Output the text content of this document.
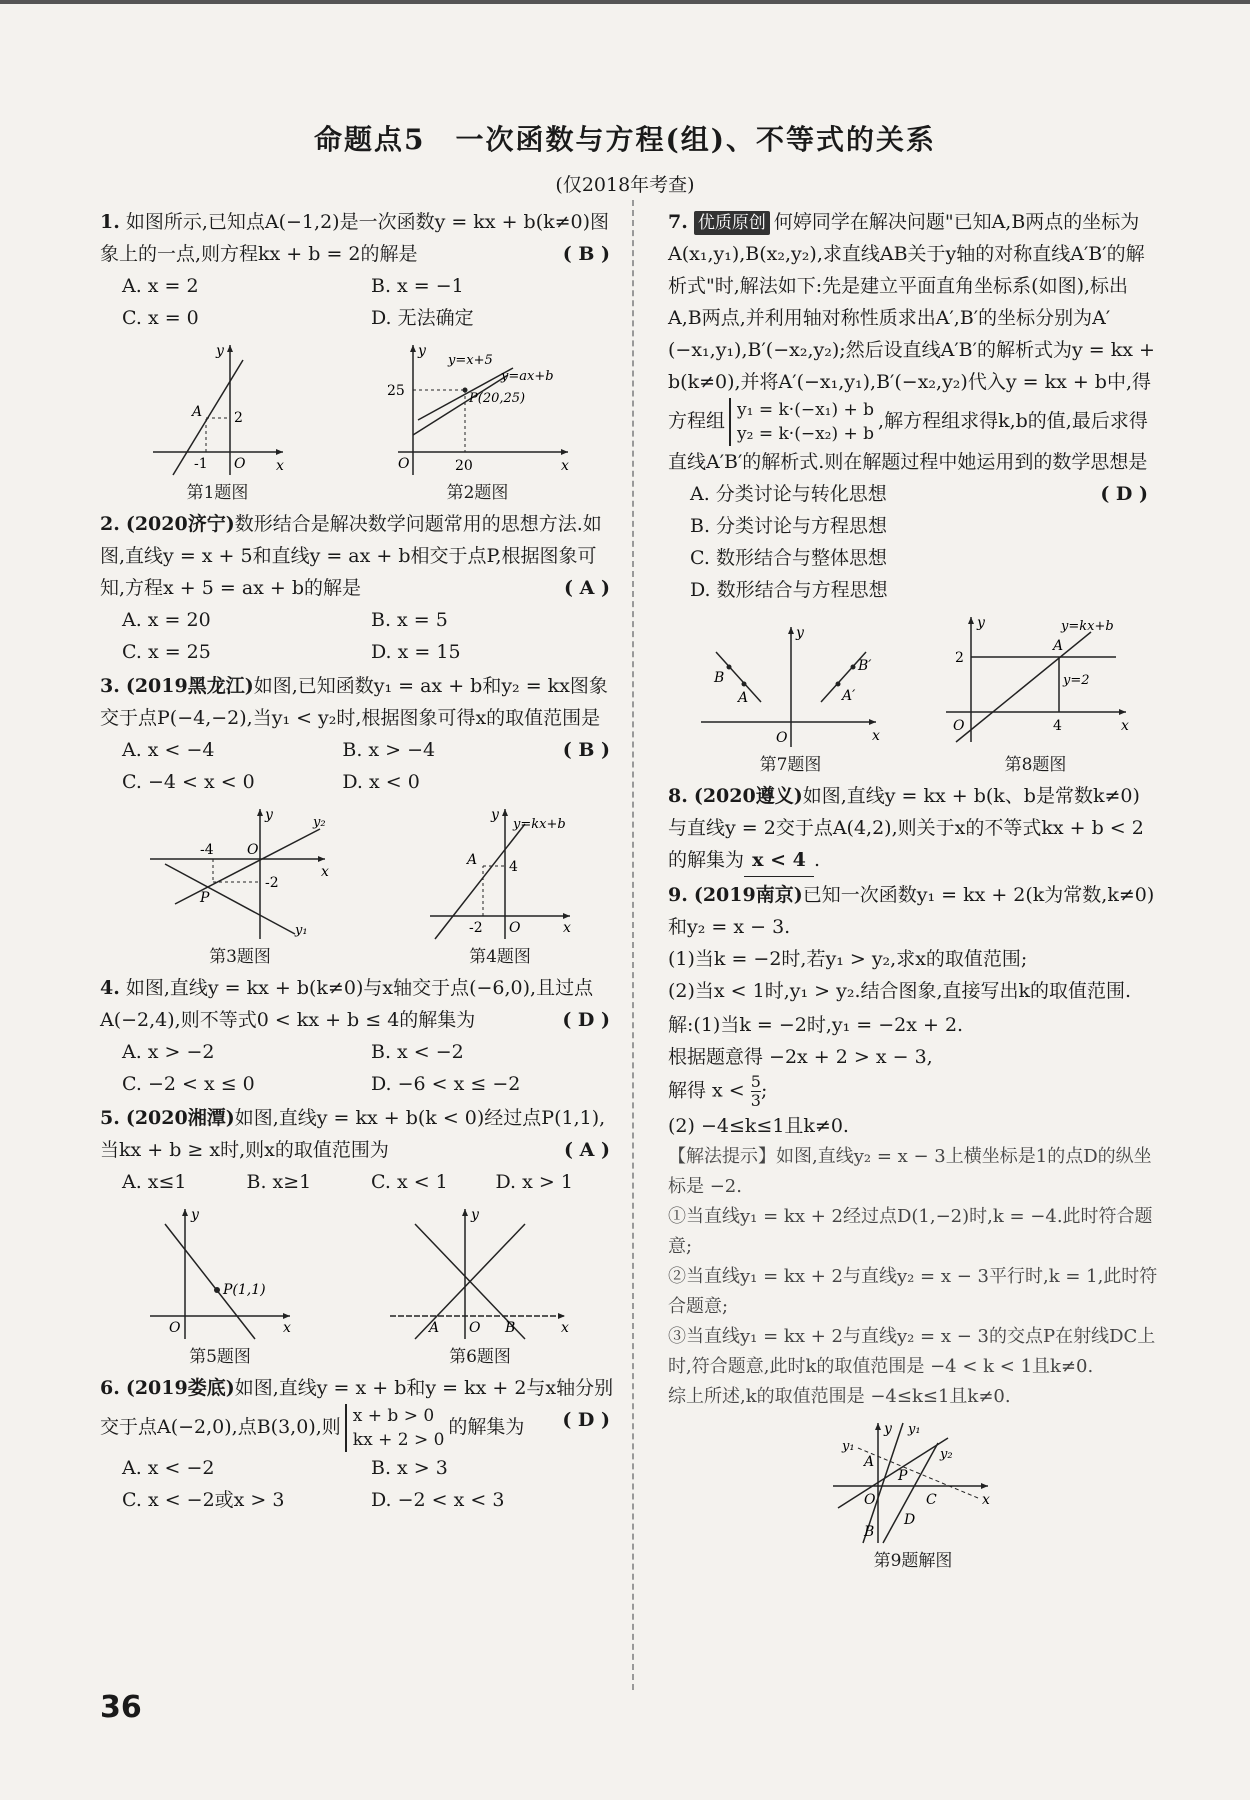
命题点5　一次函数与方程(组)、不等式的关系
(仅2018年考查)

1. 如图所示,已知点A(−1,2)是一次函数y = kx + b(k≠0)图象上的一点,则方程kx + b = 2的解是	( B )

A. x = 2	B. x = −1
C. x = 0	D. 无法确定
x
y
O
A 2
-1
第1题图
x
y
O
y=x+5
y=ax+b
P(20,25)
25
20
第2题图

2. (2020济宁)数形结合是解决数学问题常用的思想方法.如图,直线y = x + 5和直线y = ax + b相交于点P,根据图象可知,方程x + 5 = ax + b的解是	( A )

A. x = 20	B. x = 5
C. x = 25	D. x = 15

3. (2019黑龙江)如图,已知函数y₁ = ax + b和y₂ = kx图象交于点P(−4,−2),当y₁ < y₂时,根据图象可得x的取值范围是
( B )

A. x < −4	B. x > −4
C. −4 < x < 0	D. x < 0
x
y
O
y₂
y₁
P
-4
-2
第3题图
x
y
O
y=kx+b
A 4
-2
第4题图

4. 如图,直线y = kx + b(k≠0)与x轴交于点(−6,0),且过点A(−2,4),则不等式0 < kx + b ≤ 4的解集为	( D )

A. x > −2	B. x < −2
C. −2 < x ≤ 0	D. −6 < x ≤ −2

5. (2020湘潭)如图,直线y = kx + b(k < 0)经过点P(1,1),当kx + b ≥ x时,则x的取值范围为	( A )

A. x≤1	B. x≥1	C. x < 1	D. x > 1
x
y
O
P(1,1)
第5题图
x
y
O
A	B
第6题图

6. (2019娄底)如图,直线y = x + b和y = kx + 2与x轴分别交于点A(−2,0),点B(3,0),则 x + b > 0
kx + 2 > 0的解集为 ( D )

A. x < −2	B. x > 3
C. x < −2或x > 3	D. −2 < x < 3

7. 优质原创 何婷同学在解决问题"已知A,B两点的坐标为A(x₁,y₁),B(x₂,y₂),求直线AB关于y轴的对称直线A′B′的解析式"时,解法如下:先是建立平面直角坐标系(如图),标出A,B两点,并利用轴对称性质求出A′,B′的坐标分别为A′(−x₁,y₁),B′(−x₂,y₂);然后设直线A′B′的解析式为y = kx + b(k≠0),并将A′(−x₁,y₁),B′(−x₂,y₂)代入y = kx + b中,得方程组 y₁ = k·(−x₁) + b
y₂ = k·(−x₂) + b,解方程组求得k,b的值,最后求得直线A′B′的解析式.则在解题过程中她运用到的数学思想是
( D )

A. 分类讨论与转化思想
B. 分类讨论与方程思想
C. 数形结合与整体思想
D. 数形结合与方程思想
x
y
O
B
A
B′
A′
第7题图
x
y
O
y=kx+b
A
y=2
2
4
第8题图

8. (2020遵义)如图,直线y = kx + b(k、b是常数k≠0)与直线y = 2交于点A(4,2),则关于x的不等式kx + b < 2的解集为 x < 4 .

9. (2019南京)已知一次函数y₁ = kx + 2(k为常数,k≠0)和y₂ = x − 3.

(1)当k = −2时,若y₁ > y₂,求x的取值范围;

(2)当x < 1时,y₁ > y₂.结合图象,直接写出k的取值范围.

解:(1)当k = −2时,y₁ = −2x + 2.

根据题意得 −2x + 2 > x − 3,

解得 $x < \frac{5}{3}$ ;

(2) −4≤k≤1且k≠0.

【解法提示】如图,直线y₂ = x − 3上横坐标是1的点D的纵坐标是 −2.

①当直线y₁ = kx + 2经过点D(1,−2)时,k = −4.此时符合题意;

②当直线y₁ = kx + 2与直线y₂ = x − 3平行时,k = 1,此时符合题意;

③当直线y₁ = kx + 2与直线y₂ = x − 3的交点P在射线DC上时,符合题意,此时k的取值范围是 −4 < k < 1且k≠0.

综上所述,k的取值范围是 −4≤k≤1且k≠0.

x
y
O
y₁
y₁
y₂
A
P
C
B
D
第9题解图
36
